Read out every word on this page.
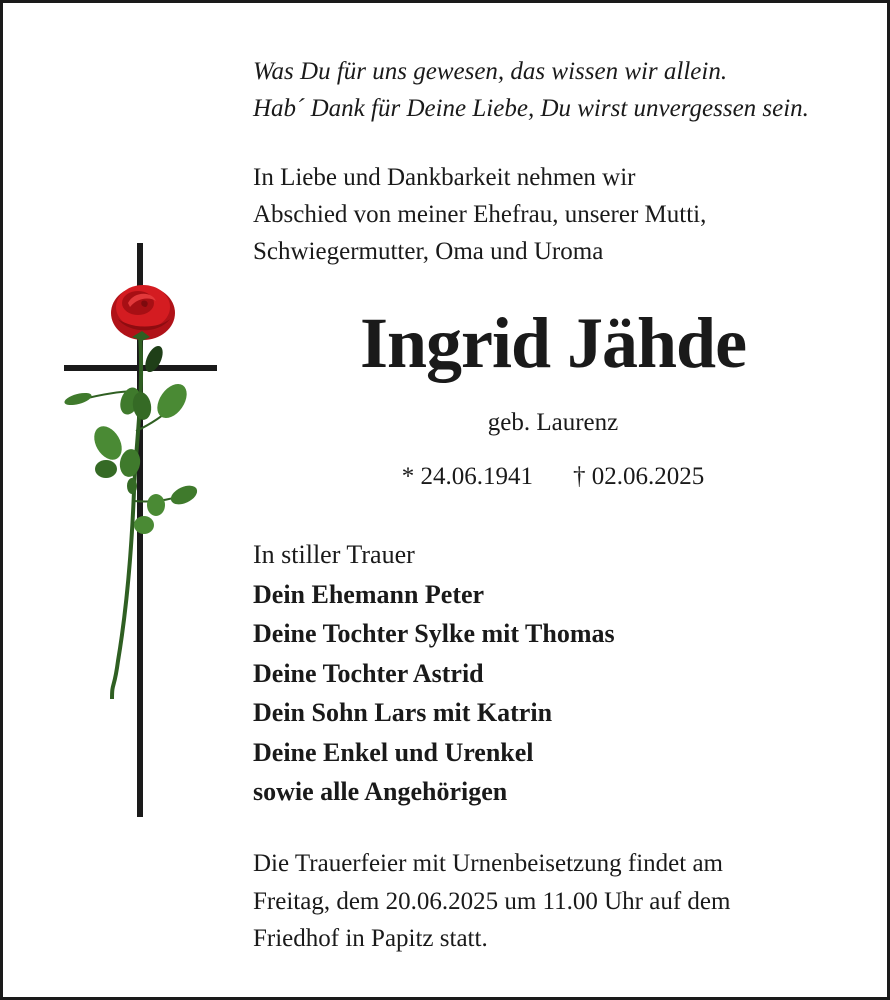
Was Du für uns gewesen, das wissen wir allein.
Hab´ Dank für Deine Liebe, Du wirst unvergessen sein.
In Liebe und Dankbarkeit nehmen wir
Abschied von meiner Ehefrau, unserer Mutti,
Schwiegermutter, Oma und Uroma
Ingrid Jähde
geb. Laurenz
* 24.06.1941 † 02.06.2025
In stiller Trauer
Dein Ehemann Peter
Deine Tochter Sylke mit Thomas
Deine Tochter Astrid
Dein Sohn Lars mit Katrin
Deine Enkel und Urenkel
sowie alle Angehörigen
Die Trauerfeier mit Urnenbeisetzung findet am
Freitag, dem 20.06.2025 um 11.00 Uhr auf dem
Friedhof in Papitz statt.
